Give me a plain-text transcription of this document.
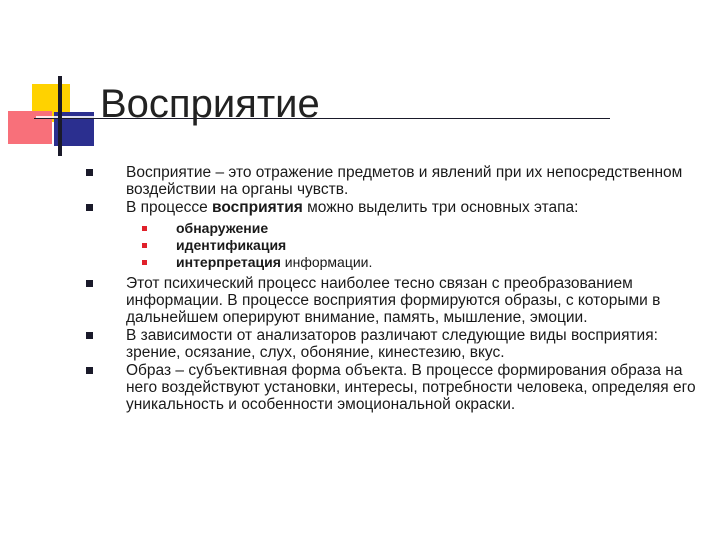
Восприятие
Восприятие – это отражение предметов и явлений при их непосредственном воздействии на органы чувств.
В процессе восприятия можно выделить три основных этапа:
обнаружение
идентификация
интерпретация информации.
Этот психический процесс наиболее тесно связан с преобразованием информации. В процессе восприятия формируются образы, с которыми в дальнейшем оперируют внимание, память, мышление, эмоции.
В зависимости от анализаторов различают следующие виды восприятия: зрение, осязание, слух, обоняние, кинестезию, вкус.
Образ – субъективная форма объекта. В процессе формирования образа на него воздействуют установки, интересы, потребности человека, определяя его уникальность и особенности эмоциональной окраски.
